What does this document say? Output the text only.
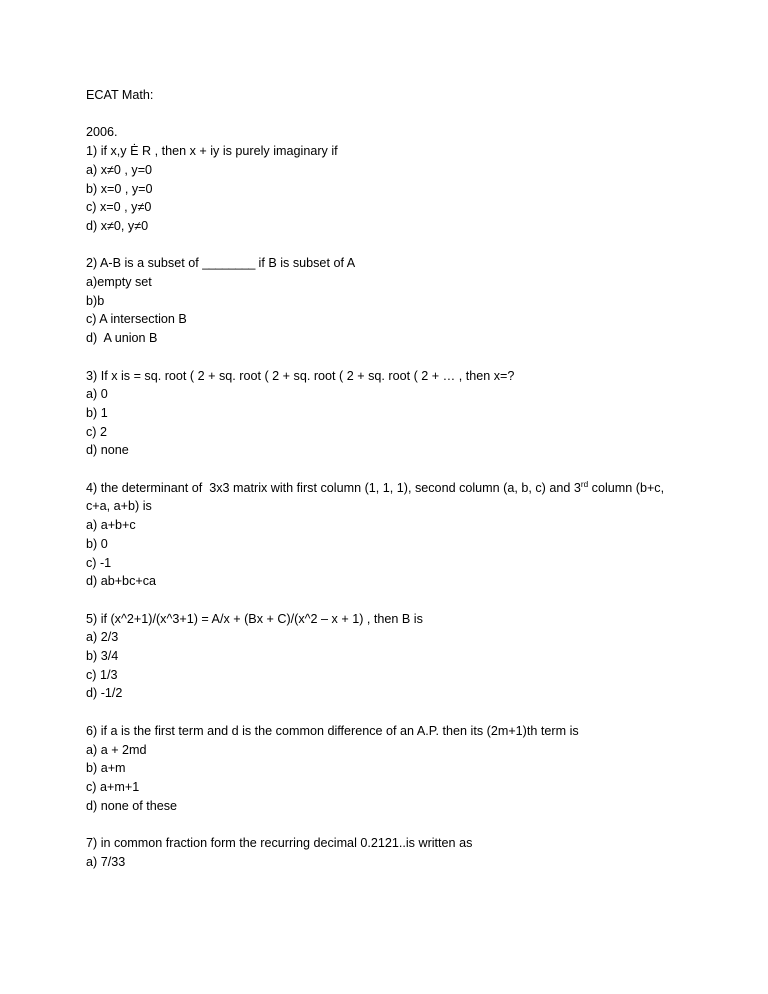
ECAT Math:

2006.

1) if x,y Ė R , then x + iy is purely imaginary if

a) x≠0 , y=0

b) x=0 , y=0

c) x=0 , y≠0

d) x≠0, y≠0

2) A-B is a subset of ________ if B is subset of A

a)empty set

b)b

c) A intersection B

d)  A union B

3) If x is = sq. root ( 2 + sq. root ( 2 + sq. root ( 2 + sq. root ( 2 + … , then x=?

a) 0

b) 1

c) 2

d) none

4) the determinant of  3x3 matrix with first column (1, 1, 1), second column (a, b, c) and 3rd column (b+c, c+a, a+b) is

a) a+b+c

b) 0

c) -1

d) ab+bc+ca

5) if (x^2+1)/(x^3+1) = A/x + (Bx + C)/(x^2 – x + 1) , then B is

a) 2/3

b) 3/4

c) 1/3

d) -1/2

6) if a is the first term and d is the common difference of an A.P. then its (2m+1)th term is

a) a + 2md

b) a+m

c) a+m+1

d) none of these

7) in common fraction form the recurring decimal 0.2121..is written as

a) 7/33
